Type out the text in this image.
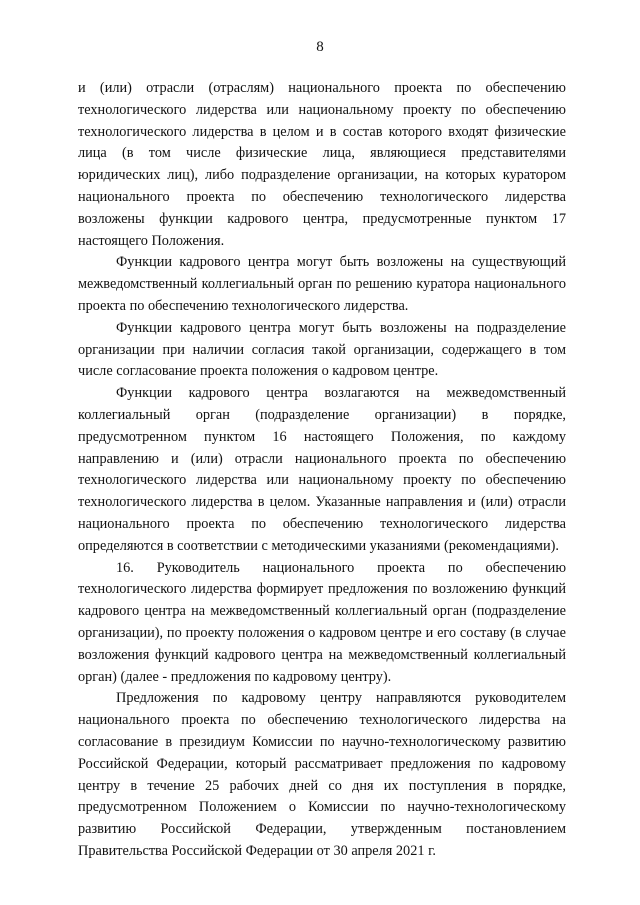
8

и (или) отрасли (отраслям) национального проекта по обеспечению технологического лидерства или национальному проекту по обеспечению технологического лидерства в целом и в состав которого входят физические лица (в том числе физические лица, являющиеся представителями юридических лиц), либо подразделение организации, на которых куратором национального проекта по обеспечению технологического лидерства возложены функции кадрового центра, предусмотренные пунктом 17 настоящего Положения.

Функции кадрового центра могут быть возложены на существующий межведомственный коллегиальный орган по решению куратора национального проекта по обеспечению технологического лидерства.

Функции кадрового центра могут быть возложены на подразделение организации при наличии согласия такой организации, содержащего в том числе согласование проекта положения о кадровом центре.

Функции кадрового центра возлагаются на межведомственный коллегиальный орган (подразделение организации) в порядке, предусмотренном пунктом 16 настоящего Положения, по каждому направлению и (или) отрасли национального проекта по обеспечению технологического лидерства или национальному проекту по обеспечению технологического лидерства в целом. Указанные направления и (или) отрасли национального проекта по обеспечению технологического лидерства определяются в соответствии с методическими указаниями (рекомендациями).

16. Руководитель национального проекта по обеспечению технологического лидерства формирует предложения по возложению функций кадрового центра на межведомственный коллегиальный орган (подразделение организации), по проекту положения о кадровом центре и его составу (в случае возложения функций кадрового центра на межведомственный коллегиальный орган) (далее - предложения по кадровому центру).

Предложения по кадровому центру направляются руководителем национального проекта по обеспечению технологического лидерства на согласование в президиум Комиссии по научно-технологическому развитию Российской Федерации, который рассматривает предложения по кадровому центру в течение 25 рабочих дней со дня их поступления в порядке, предусмотренном Положением о Комиссии по научно-технологическому развитию Российской Федерации, утвержденным постановлением Правительства Российской Федерации от 30 апреля 2021 г.
